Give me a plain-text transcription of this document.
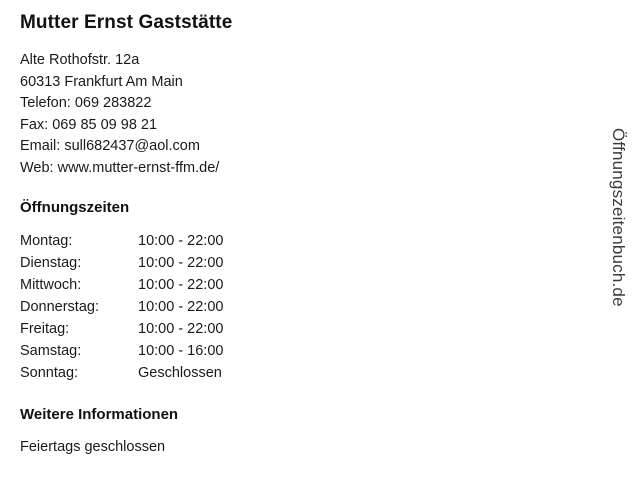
Mutter Ernst Gaststätte
Alte Rothofstr. 12a
60313 Frankfurt Am Main
Telefon: 069 283822
Fax: 069 85 09 98 21
Email: sull682437@aol.com
Web: www.mutter-ernst-ffm.de/
Öffnungszeiten
Montag:	10:00 - 22:00
Dienstag:	10:00 - 22:00
Mittwoch:	10:00 - 22:00
Donnerstag:	10:00 - 22:00
Freitag:	10:00 - 22:00
Samstag:	10:00 - 16:00
Sonntag:	Geschlossen
Weitere Informationen
Feiertags geschlossen
Öffnungszeitenbuch.de
